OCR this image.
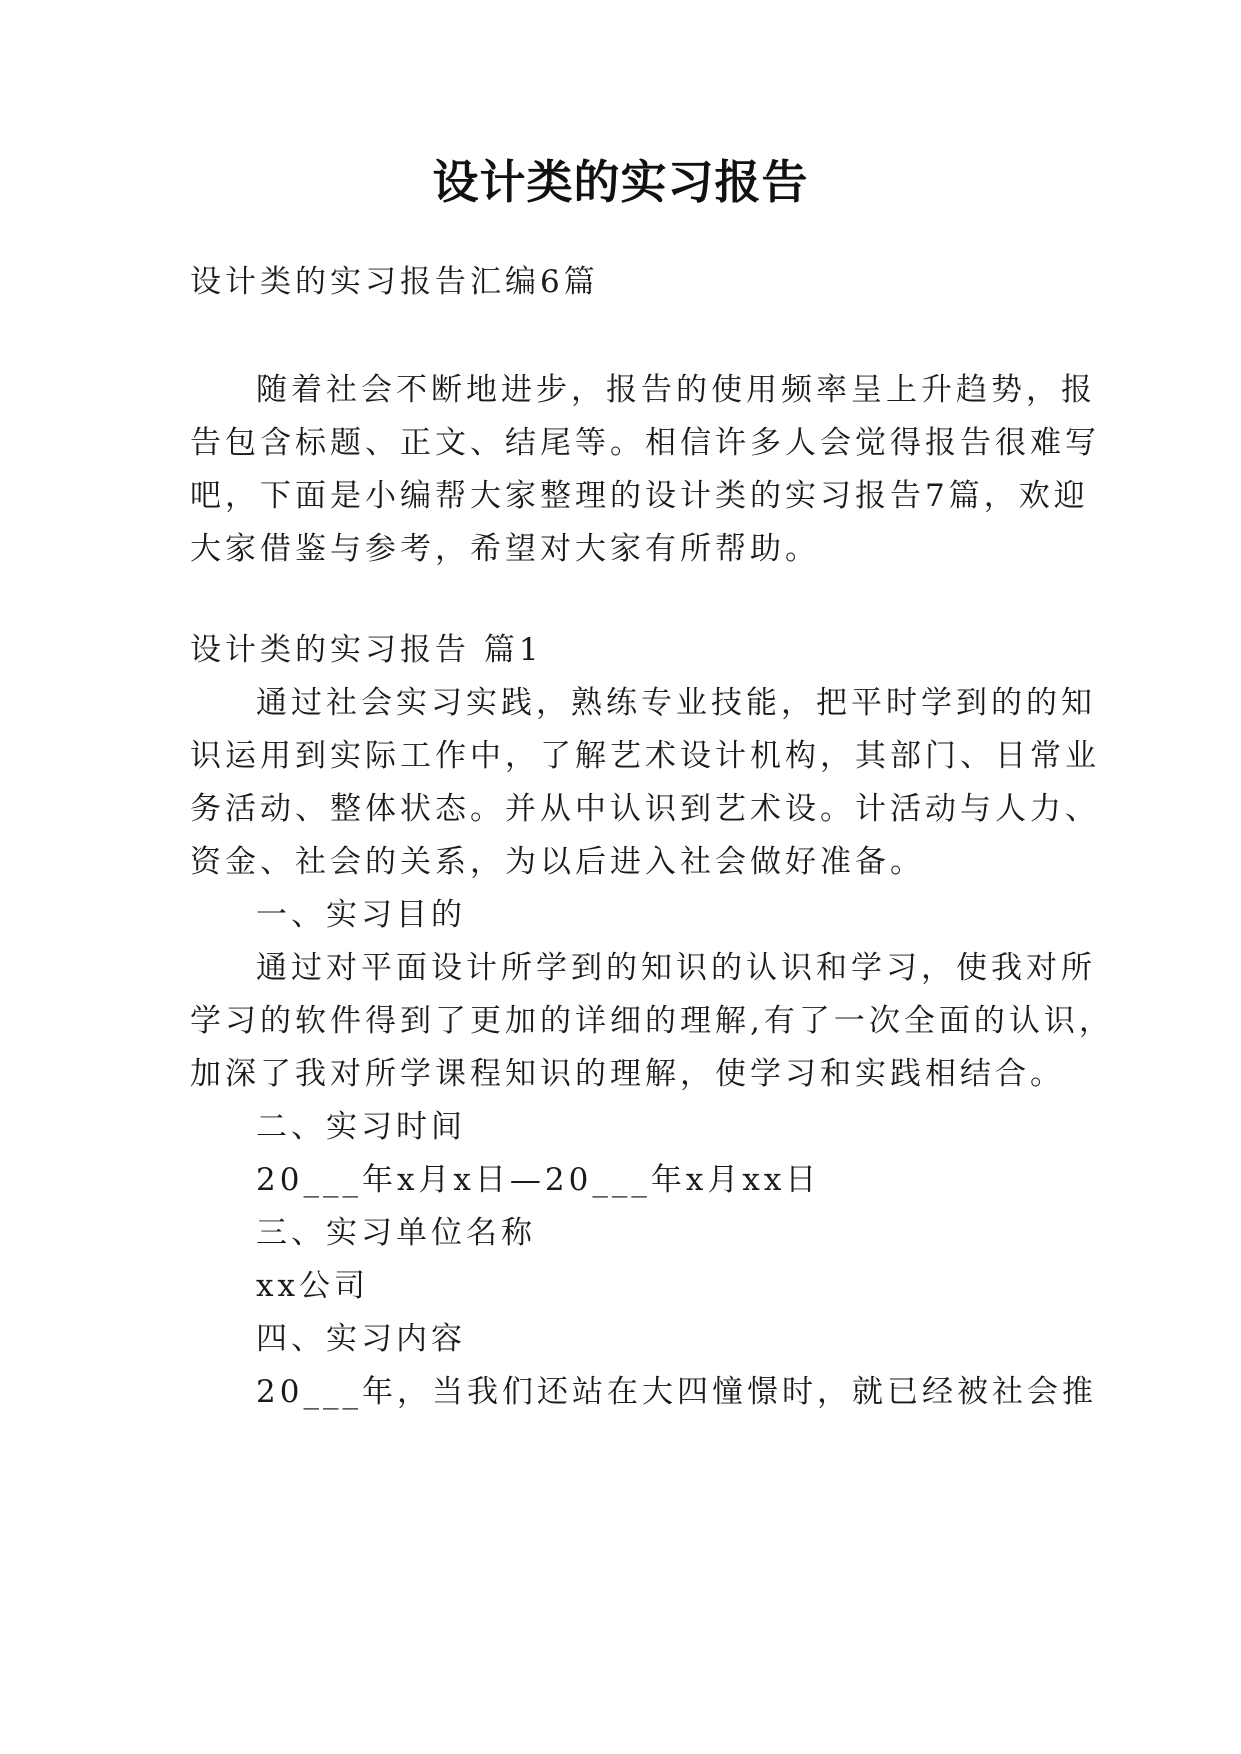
设计类的实习报告
设计类的实习报告汇编6篇
随着社会不断地进步，报告的使用频率呈上升趋势，报
告包含标题、正文、结尾等。相信许多人会觉得报告很难写
吧，下面是小编帮大家整理的设计类的实习报告7篇，欢迎
大家借鉴与参考，希望对大家有所帮助。
设计类的实习报告 篇1
通过社会实习实践，熟练专业技能，把平时学到的的知
识运用到实际工作中，了解艺术设计机构，其部门、日常业
务活动、整体状态。并从中认识到艺术设。计活动与人力、
资金、社会的关系，为以后进入社会做好准备。
一、实习目的
通过对平面设计所学到的知识的认识和学习，使我对所
学习的软件得到了更加的详细的理解,有了一次全面的认识，
加深了我对所学课程知识的理解，使学习和实践相结合。
二、实习时间
20___年x月x日—20___年x月xx日
三、实习单位名称
xx公司
四、实习内容
20___年，当我们还站在大四憧憬时，就已经被社会推
